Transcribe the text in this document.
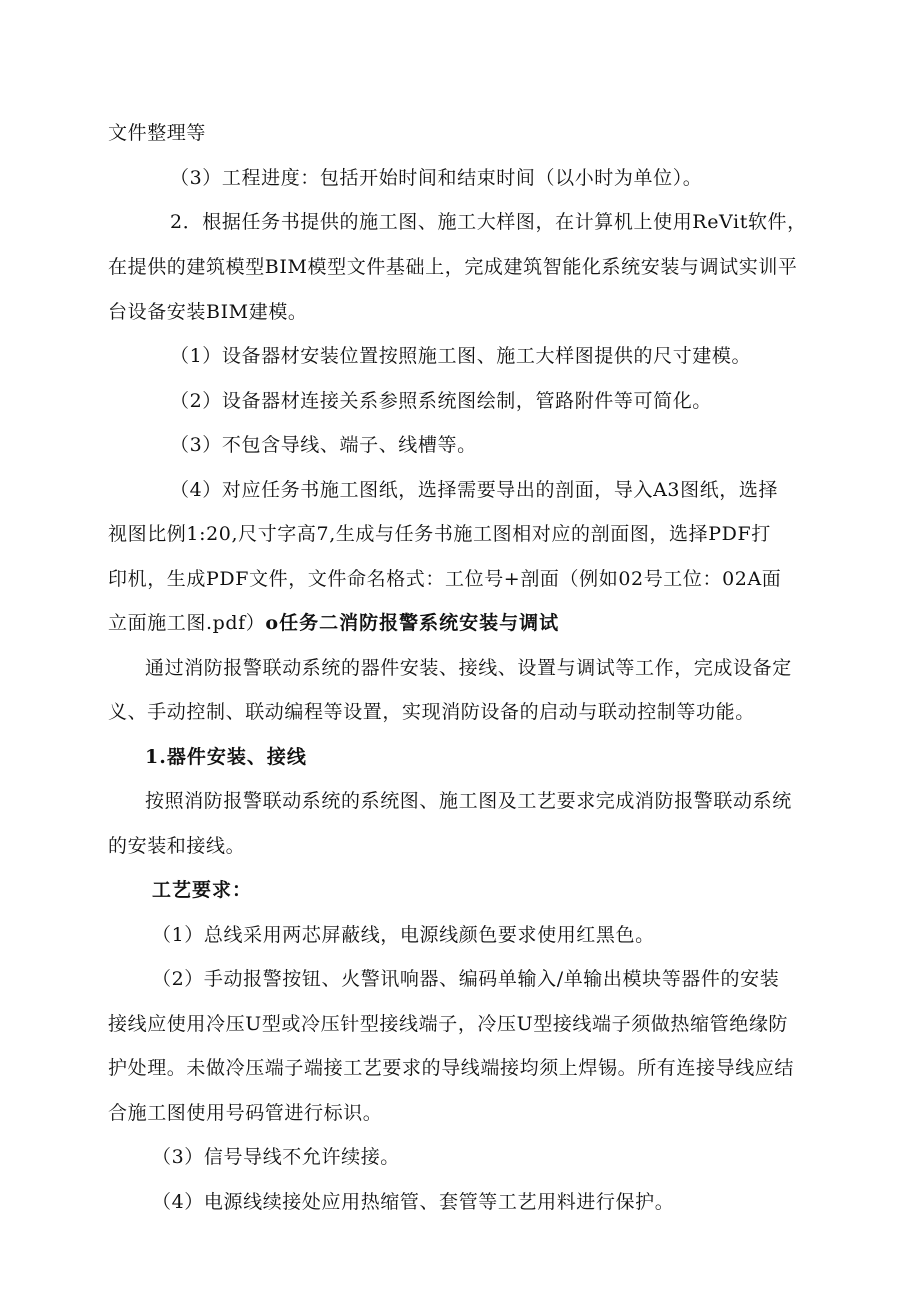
文件整理等

（3）工程进度：包括开始时间和结束时间（以小时为单位）。

2．根据任务书提供的施工图、施工大样图，在计算机上使用ReVit软件，

在提供的建筑模型BIM模型文件基础上，完成建筑智能化系统安装与调试实训平

台设备安装BIM建模。

（1）设备器材安装位置按照施工图、施工大样图提供的尺寸建模。

（2）设备器材连接关系参照系统图绘制，管路附件等可简化。

（3）不包含导线、端子、线槽等。

（4）对应任务书施工图纸，选择需要导出的剖面，导入A3图纸，选择

视图比例1:20,尺寸字高7,生成与任务书施工图相对应的剖面图，选择PDF打

印机，生成PDF文件，文件命名格式：工位号+剖面（例如02号工位：02A面

立面施工图.pdf）o任务二消防报警系统安装与调试

通过消防报警联动系统的器件安装、接线、设置与调试等工作，完成设备定

义、手动控制、联动编程等设置，实现消防设备的启动与联动控制等功能。

1.器件安装、接线

按照消防报警联动系统的系统图、施工图及工艺要求完成消防报警联动系统

的安装和接线。

工艺要求：

（1）总线采用两芯屏蔽线，电源线颜色要求使用红黑色。

（2）手动报警按钮、火警讯响器、编码单输入/单输出模块等器件的安装

接线应使用冷压U型或冷压针型接线端子，冷压U型接线端子须做热缩管绝缘防

护处理。未做冷压端子端接工艺要求的导线端接均须上焊锡。所有连接导线应结

合施工图使用号码管进行标识。

（3）信号导线不允许续接。

（4）电源线续接处应用热缩管、套管等工艺用料进行保护。
